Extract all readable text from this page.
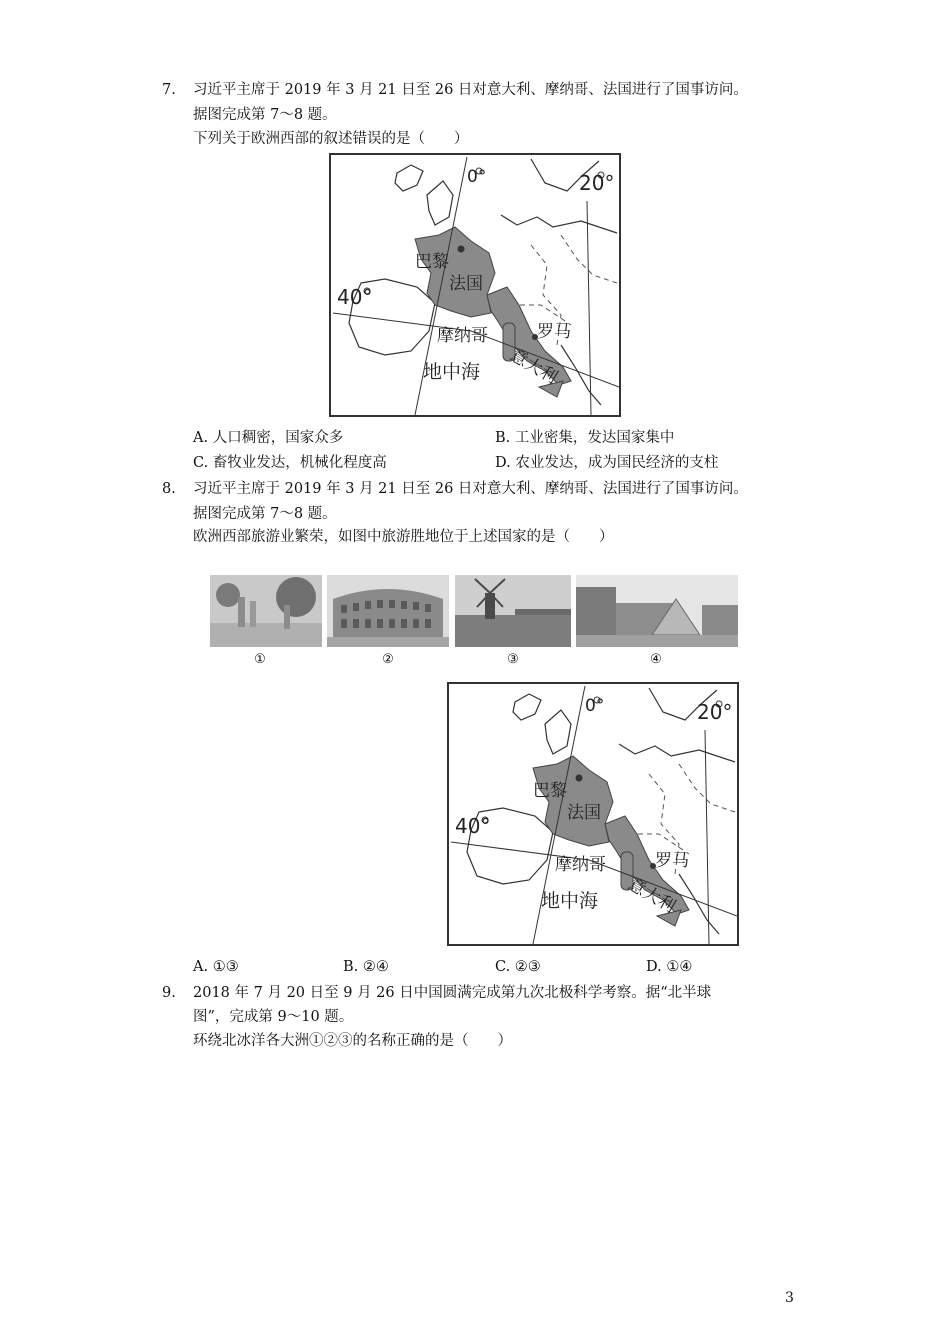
7. 习近平主席于 2019 年 3 月 21 日至 26 日对意大利、摩纳哥、法国进行了国事访问。
据图完成第 7～8 题。
下列关于欧洲西部的叙述错误的是（　　）
0°	20°
40°
巴黎
法国
摩纳哥	罗马
意大利
地中海
A. 人口稠密，国家众多	B. 工业密集，发达国家集中
C. 畜牧业发达，机械化程度高	D. 农业发达，成为国民经济的支柱
8. 习近平主席于 2019 年 3 月 21 日至 26 日对意大利、摩纳哥、法国进行了国事访问。
据图完成第 7～8 题。
欧洲西部旅游业繁荣，如图中旅游胜地位于上述国家的是（　　）
①	②	③	④
0°	20°
40°
巴黎
法国
摩纳哥	罗马
意大利
地中海
A. ①③	B. ②④	C. ②③	D. ①④
9. 2018 年 7 月 20 日至 9 月 26 日中国圆满完成第九次北极科学考察。据“北半球
图”，完成第 9～10 题。
环绕北冰洋各大洲①②③的名称正确的是（　　）
3
